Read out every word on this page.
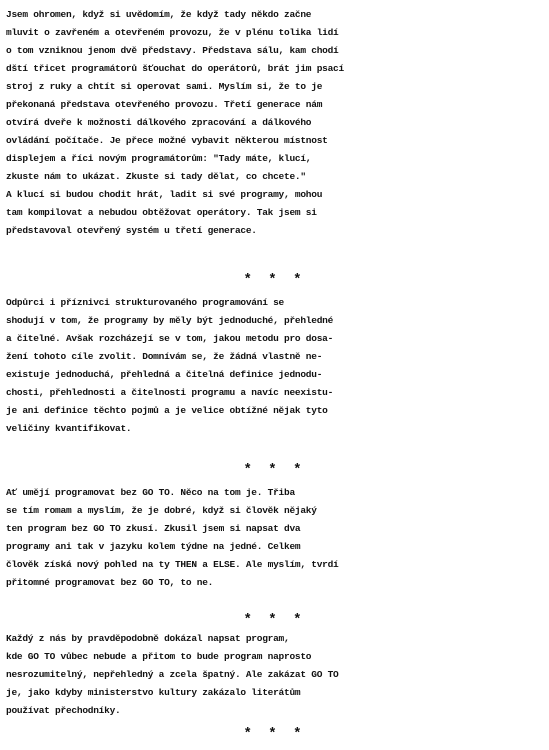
Jsem ohromen, když si uvědomím, že když tady někdo začne
mluvit o zavřeném a otevřeném provozu, že v plénu tolika lidí
o tom vzniknou jenom dvě představy. Představa sálu, kam chodí
dští třicet programátorů šťouchat do operátorů, brát jim psací
stroj z ruky a chtít si operovat sami. Myslím si, že to je
překonaná představa otevřeného provozu. Třetí generace nám
otvírá dveře k možnosti dálkového zpracování a dálkového
ovládání počítače. Je přece možné vybavit některou místnost
displejem a říci novým programátorům: "Tady máte, klucí,
zkuste nám to ukázat. Zkuste si tady dělat, co chcete."
A klucí si budou chodit hrát, ladit si své programy, mohou
tam kompilovat a nebudou obtěžovat operátory. Tak jsem si
představoval otevřený systém u třetí generace.
* * *
Odpůrci i příznivci strukturovaného programování se
shodují v tom, že programy by měly být jednoduché, přehledné
a čitelné. Avšak rozcházejí se v tom, jakou metodu pro dosa-
žení tohoto cíle zvolit. Domnívám se, že žádná vlastně ne-
existuje jednoduchá, přehledná a čitelná definice jednodu-
chosti, přehlednosti a čitelnosti programu a navíc neexistu-
je ani definice těchto pojmů a je velice obtížné nějak tyto
veličiny kvantifikovat.
* * *
Ať umějí programovat bez GO TO. Něco na tom je. Třiba
se tím romam a myslím, že je dobré, když si člověk nějaký
ten program bez GO TO zkusí. Zkusil jsem si napsat dva
programy ani tak v jazyku kolem týdne na jedné. Celkem
člověk získá nový pohled na ty THEN a ELSE. Ale myslím, tvrdí
přitomné programovat bez GO TO, to ne.
* * *
Každý z nás by pravděpodobně dokázal napsat program,
kde GO TO vůbec nebude a přitom to bude program naprosto
nesrozumitelný, nepřehledný a zcela špatný. Ale zakázat GO TO
je, jako kdyby ministerstvo kultury zakázalo literátům
používat přechodníky.
* * *
